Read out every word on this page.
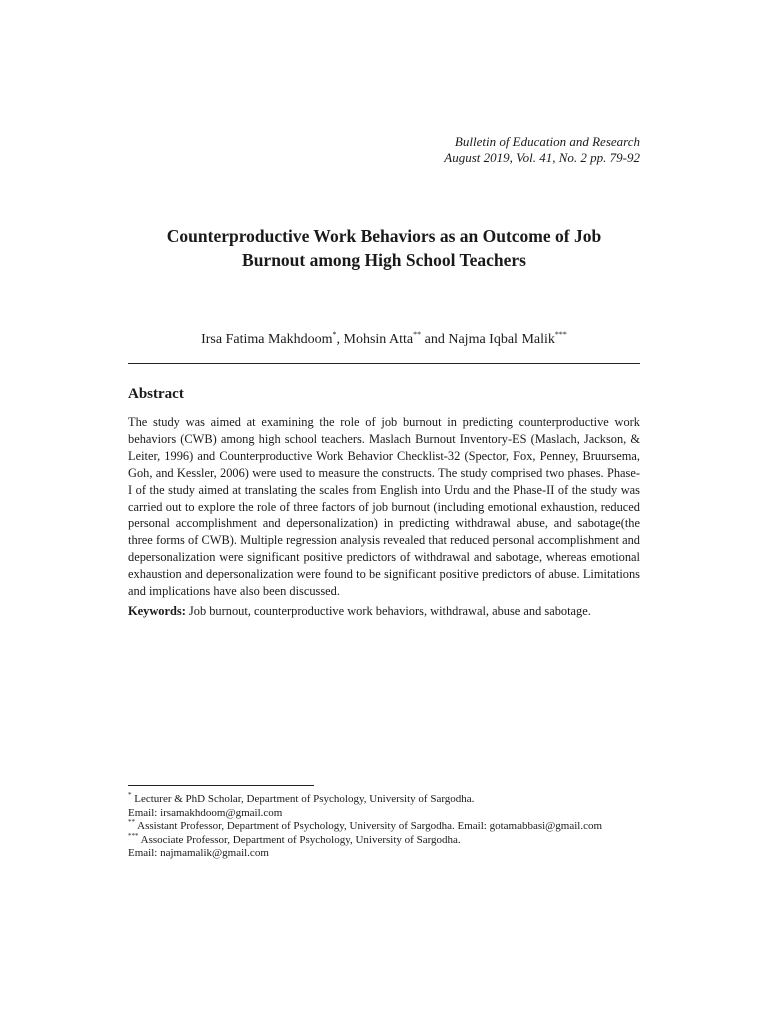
Bulletin of Education and Research
August 2019, Vol. 41, No. 2 pp. 79-92
Counterproductive Work Behaviors as an Outcome of Job
Burnout among High School Teachers
Irsa Fatima Makhdoom*, Mohsin Atta** and Najma Iqbal Malik***
Abstract

The study was aimed at examining the role of job burnout in predicting counterproductive work behaviors (CWB) among high school teachers. Maslach Burnout Inventory-ES (Maslach, Jackson, & Leiter, 1996) and Counterproductive Work Behavior Checklist-32 (Spector, Fox, Penney, Bruursema, Goh, and Kessler, 2006) were used to measure the constructs. The study comprised two phases. Phase-I of the study aimed at translating the scales from English into Urdu and the Phase-II of the study was carried out to explore the role of three factors of job burnout (including emotional exhaustion, reduced personal accomplishment and depersonalization) in predicting withdrawal abuse, and sabotage(the three forms of CWB). Multiple regression analysis revealed that reduced personal accomplishment and depersonalization were significant positive predictors of withdrawal and sabotage, whereas emotional exhaustion and depersonalization were found to be significant positive predictors of abuse. Limitations and implications have also been discussed.

Keywords: Job burnout, counterproductive work behaviors, withdrawal, abuse and sabotage.

* Lecturer & PhD Scholar, Department of Psychology, University of Sargodha.
Email: irsamakhdoom@gmail.com
** Assistant Professor, Department of Psychology, University of Sargodha. Email: gotamabbasi@gmail.com
*** Associate Professor, Department of Psychology, University of Sargodha.
Email: najmamalik@gmail.com
